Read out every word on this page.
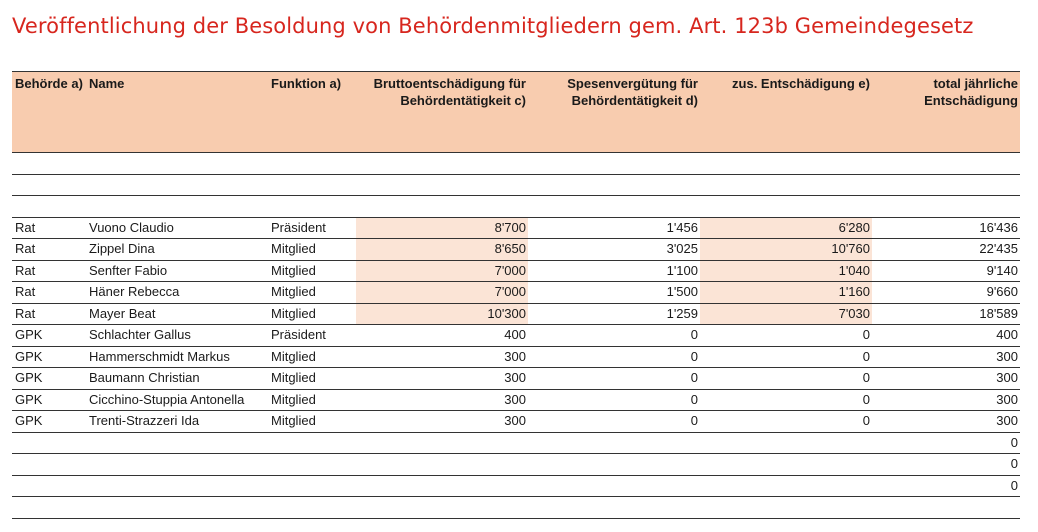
Veröffentlichung der Besoldung von Behördenmitgliedern gem. Art. 123b Gemeindegesetz
Behörde a)	Name	Funktion a)	Bruttoentschädigung für Behördentätigkeit c)	Spesenvergütung für Behördentätigkeit d)	zus. Entschädigung e)	total jährliche Entschädigung

Rat	Vuono Claudio	Präsident	8'700	1'456	6'280	16'436
Rat	Zippel Dina	Mitglied	8'650	3'025	10'760	22'435
Rat	Senfter Fabio	Mitglied	7'000	1'100	1'040	9'140
Rat	Häner Rebecca	Mitglied	7'000	1'500	1'160	9'660
Rat	Mayer Beat	Mitglied	10'300	1'259	7'030	18'589
GPK	Schlachter Gallus	Präsident	400	0	0	400
GPK	Hammerschmidt Markus	Mitglied	300	0	0	300
GPK	Baumann Christian	Mitglied	300	0	0	300
GPK	Cicchino-Stuppia Antonella	Mitglied	300	0	0	300
GPK	Trenti-Strazzeri Ida	Mitglied	300	0	0	300
						0
						0
						0
